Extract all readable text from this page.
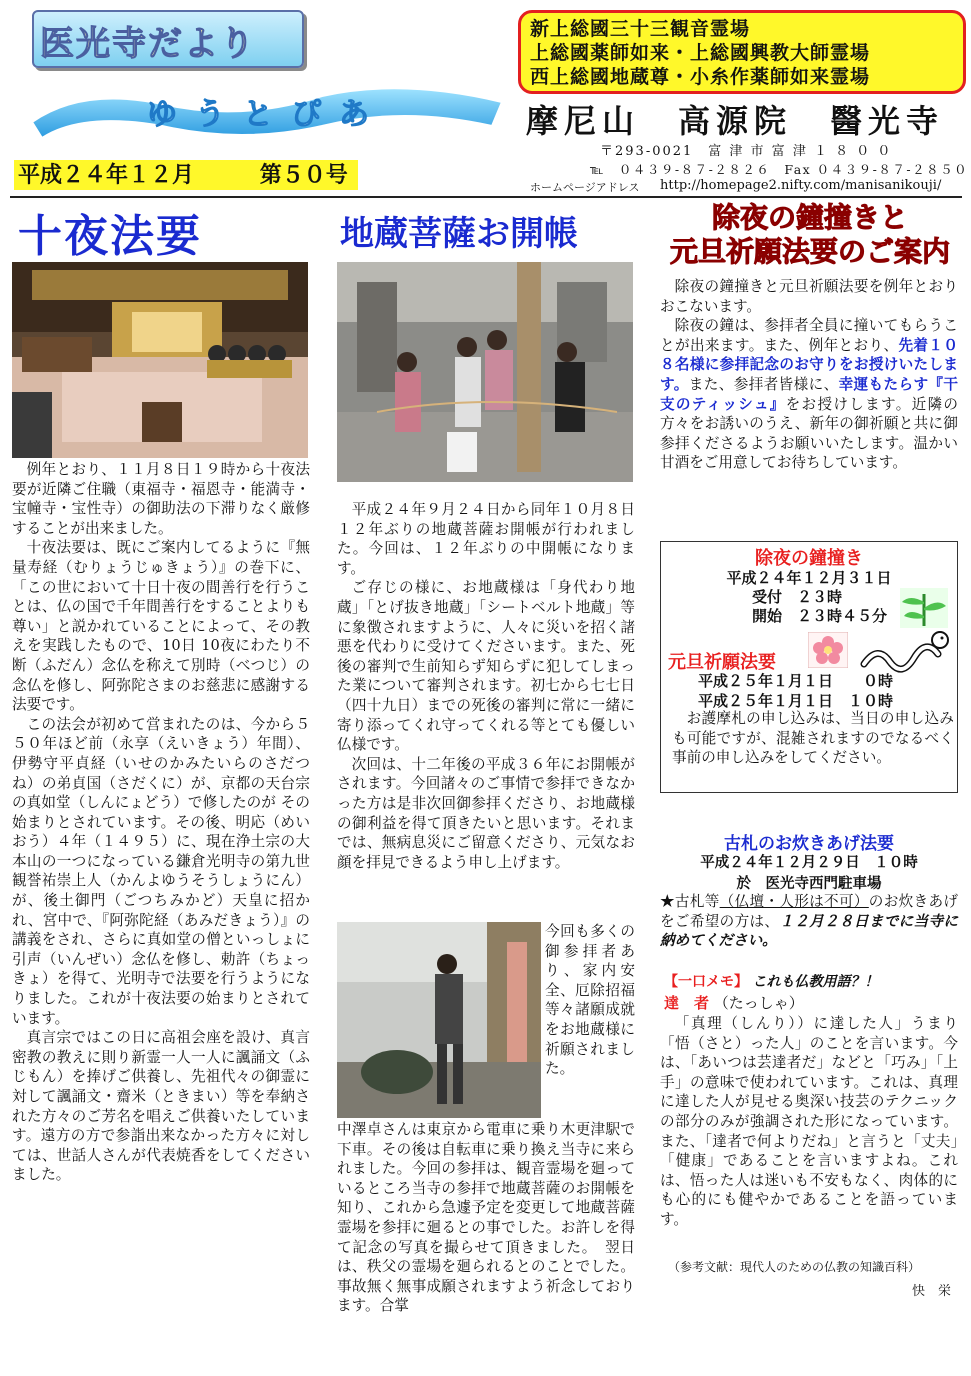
医光寺だより
ゆうとぴあ
新上総國三十三観音霊場
上総國薬師如来・上総國興教大師霊場
西上総國地蔵尊・小糸作薬師如来霊場
摩尼山　高源院　醫光寺
〒293-0021　富 津 市 富 津 １ ８ ０ ０
℡　０４３９-８７-２８２６　Fax ０４３９-８７-２８５０
ホームページアドレス http://homepage2.nifty.com/manisanikouji/
平成２４年１２月	第５０号
十夜法要	地蔵菩薩お開帳

例年とおり、１１月８日１９時から十夜法要が近隣ご住職（東福寺・福恩寺・能満寺・宝幢寺・宝性寺）の御助法の下滞りなく厳修することが出来ました。

十夜法要は、既にご案内してるように『無量寿経（むりょうじゅきょう）』の巻下に、「この世において十日十夜の間善行を行うことは、仏の国で千年間善行をすることよりも尊い」と説かれていることによって、その教えを実践したもので、10日 10夜にわたり不断（ふだん）念仏を称えて別時（べつじ）の念仏を修し、阿弥陀さまのお慈悲に感謝する法要です。

この法会が初めて営まれたのは、今から５５０年ほど前（永享（えいきょう）年間）、伊勢守平貞経（いせのかみたいらのさだつね）の弟貞国（さだくに）が、京都の天台宗の真如堂（しんにょどう）で修したのが その始まりとされています。その後、明応（めいおう）４年（１４９５）に、現在浄土宗の大本山の一つになっている鎌倉光明寺の第九世　観誉祐崇上人（かんよゆうそうしょうにん）が、後土御門（ごつちみかど）天皇に招かれ、宮中で、『阿弥陀経（あみだきょう）』の講義をされ、さらに真如堂の僧といっしょに引声（いんぜい）念仏を修し、勅許（ちょっきょ）を得て、光明寺で法要を行うようになりました。これが十夜法要の始まりとされています。

真言宗ではこの日に高祖会座を設け、真言密教の教えに則り新霊一人一人に諷誦文（ふじもん）を捧げご供養し、先祖代々の御霊に対して諷誦文・齋米（ときまい）等を奉納された方々のご芳名を唱えご供養いたしています。遠方の方で参詣出来なかった方々に対しては、世話人さんが代表焼香をしてくださいました。

平成２４年９月２４日から同年１０月８日１２年ぶりの地蔵菩薩お開帳が行われました。今回は、１２年ぶりの中開帳になります。

ご存じの様に、お地蔵様は「身代わり地蔵」「とげ抜き地蔵」「シートベルト地蔵」等に象徴されますように、人々に災いを招く諸悪を代わりに受けてくださいます。また、死後の審判で生前知らず知らずに犯してしまった業について審判されます。初七から七七日（四十九日）までの死後の審判に常に一緒に寄り添ってくれ守ってくれる等とても優しい仏様です。

次回は、十二年後の平成３６年にお開帳がされます。今回諸々のご事情で参拝できなかった方は是非次回御参拝くださり、お地蔵様の御利益を得て頂きたいと思います。それまでは、無病息災にご留意くださり、元気なお顔を拝見できるよう申し上げます。

今回も多くの御参拝者あり、家内安全、厄除招福等々諸願成就をお地蔵様に祈願されました。
中澤卓さんは東京から電車に乗り木更津駅で下車。その後は自転車に乗り換え当寺に来られました。今回の参拝は、観音霊場を廻っているところ当寺の参拝で地蔵菩薩のお開帳を知り、これから急遽予定を変更して地蔵菩薩霊場を参拝に廻るとの事でした。お許しを得て記念の写真を撮らせて頂きました。　翌日は、秩父の霊場を廻られるとのことでした。事故無く無事成願されますよう祈念しております。合掌
除夜の鐘撞きと
元旦祈願法要のご案内

除夜の鐘撞きと元旦祈願法要を例年とおりおこないます。

除夜の鐘は、参拝者全員に撞いてもらうことが出来ます。また、例年とおり、先着１０８名様に参拝記念のお守りをお授けいたします。また、参拝者皆様に、幸運もたらす『干支のティッシュ』をお授けします。近隣の方々をお誘いのうえ、新年の御祈願と共に御参拝くださるようお願いいたします。温かい甘酒をご用意してお待ちしています。

除夜の鐘撞き
平成２４年１２月３１日
受付　２３時
開始　２３時４５分
元旦祈願法要
平成２５年１月１日　　０時
平成２５年１月１日　１０時

お護摩札の申し込みは、当日の申し込みも可能ですが、混雑されますのでなるべく事前の申し込みをしてください。

古札のお炊きあげ法要
平成２４年１２月２９日　１０時
於　医光寺西門駐車場
★古札等（仏壇・人形は不可）のお炊きあげをご希望の方は、１２月２８日までに当寺に納めてください。
【一口メモ】 これも仏教用語？！
達　者 （たっしゃ）

「真理（しんり））に達した人」うまり「悟（さと）った人」のことを言います。今は、「あいつは芸達者だ」などと「巧み」「上手」の意味で使われています。これは、真理に達した人が見せる奥深い技芸のテクニックの部分のみが強調された形になっています。また、「達者で何よりだね」と言うと「丈夫」「健康」であることを言いますよね。これは、悟った人は迷いも不安もなく、肉体的にも心的にも健やかであることを語っています。

（参考文献：現代人のための仏教の知識百科）
快　栄
